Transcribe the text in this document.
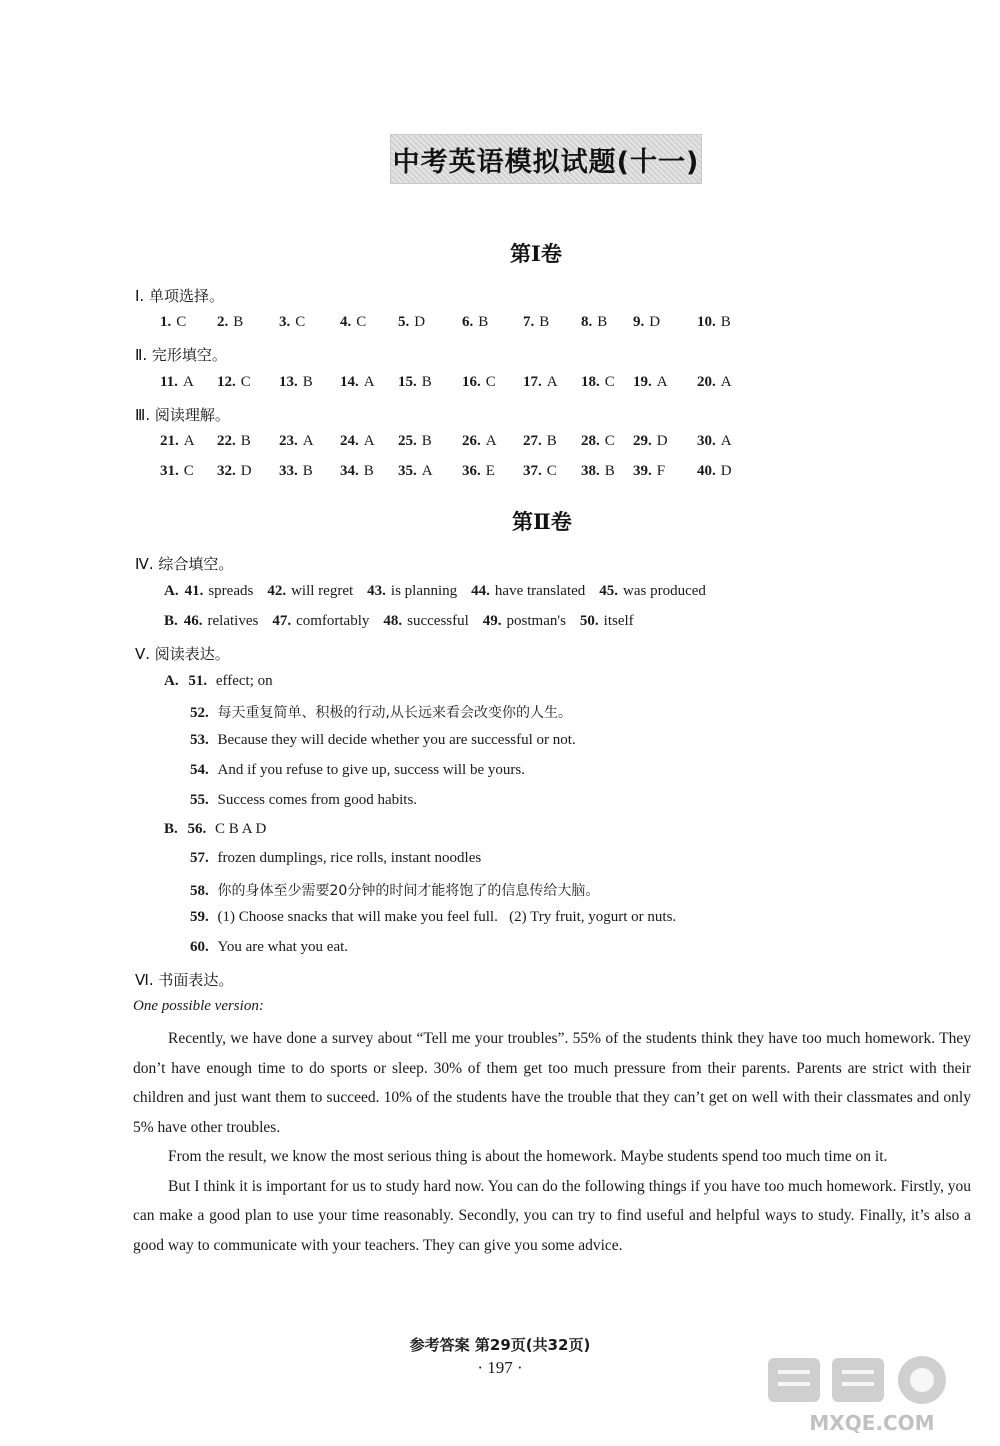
中考英语模拟试题(十一)
第Ⅰ卷
Ⅰ. 单项选择。
1. C 2. B 3. C 4. C 5. D 6. B 7. B 8. B 9. D 10. B
Ⅱ. 完形填空。
11. A 12. C 13. B 14. A 15. B 16. C 17. A 18. C 19. A 20. A
Ⅲ. 阅读理解。
21. A 22. B 23. A 24. A 25. B 26. A 27. B 28. C 29. D 30. A
31. C 32. D 33. B 34. B 35. A 36. E 37. C 38. B 39. F 40. D
第Ⅱ卷
Ⅳ. 综合填空。
A. 41. spreads 42. will regret 43. is planning 44. have translated 45. was produced
B. 46. relatives 47. comfortably 48. successful 49. postman's 50. itself
Ⅴ. 阅读表达。
A. 51. effect; on
52. 每天重复简单、积极的行动,从长远来看会改变你的人生。
53. Because they will decide whether you are successful or not.
54. And if you refuse to give up, success will be yours.
55. Success comes from good habits.
B. 56. C B A D
57. frozen dumplings, rice rolls, instant noodles
58. 你的身体至少需要20分钟的时间才能将饱了的信息传给大脑。
59. (1) Choose snacks that will make you feel full.   (2) Try fruit, yogurt or nuts.
60. You are what you eat.
Ⅵ. 书面表达。
One possible version:

Recently, we have done a survey about “Tell me your troubles”. 55% of the students think they have too much homework. They don’t have enough time to do sports or sleep. 30% of them get too much pressure from their parents. Parents are strict with their children and just want them to succeed. 10% of the students have the trouble that they can’t get on well with their classmates and only 5% have other troubles.

From the result, we know the most serious thing is about the homework. Maybe students spend too much time on it.

But I think it is important for us to study hard now. You can do the following things if you have too much homework. Firstly, you can make a good plan to use your time reasonably. Secondly, you can try to find useful and helpful ways to study. Finally, it’s also a good way to communicate with your teachers. They can give you some advice.

参考答案 第29页(共32页)
· 197 ·
MXQE.COM
